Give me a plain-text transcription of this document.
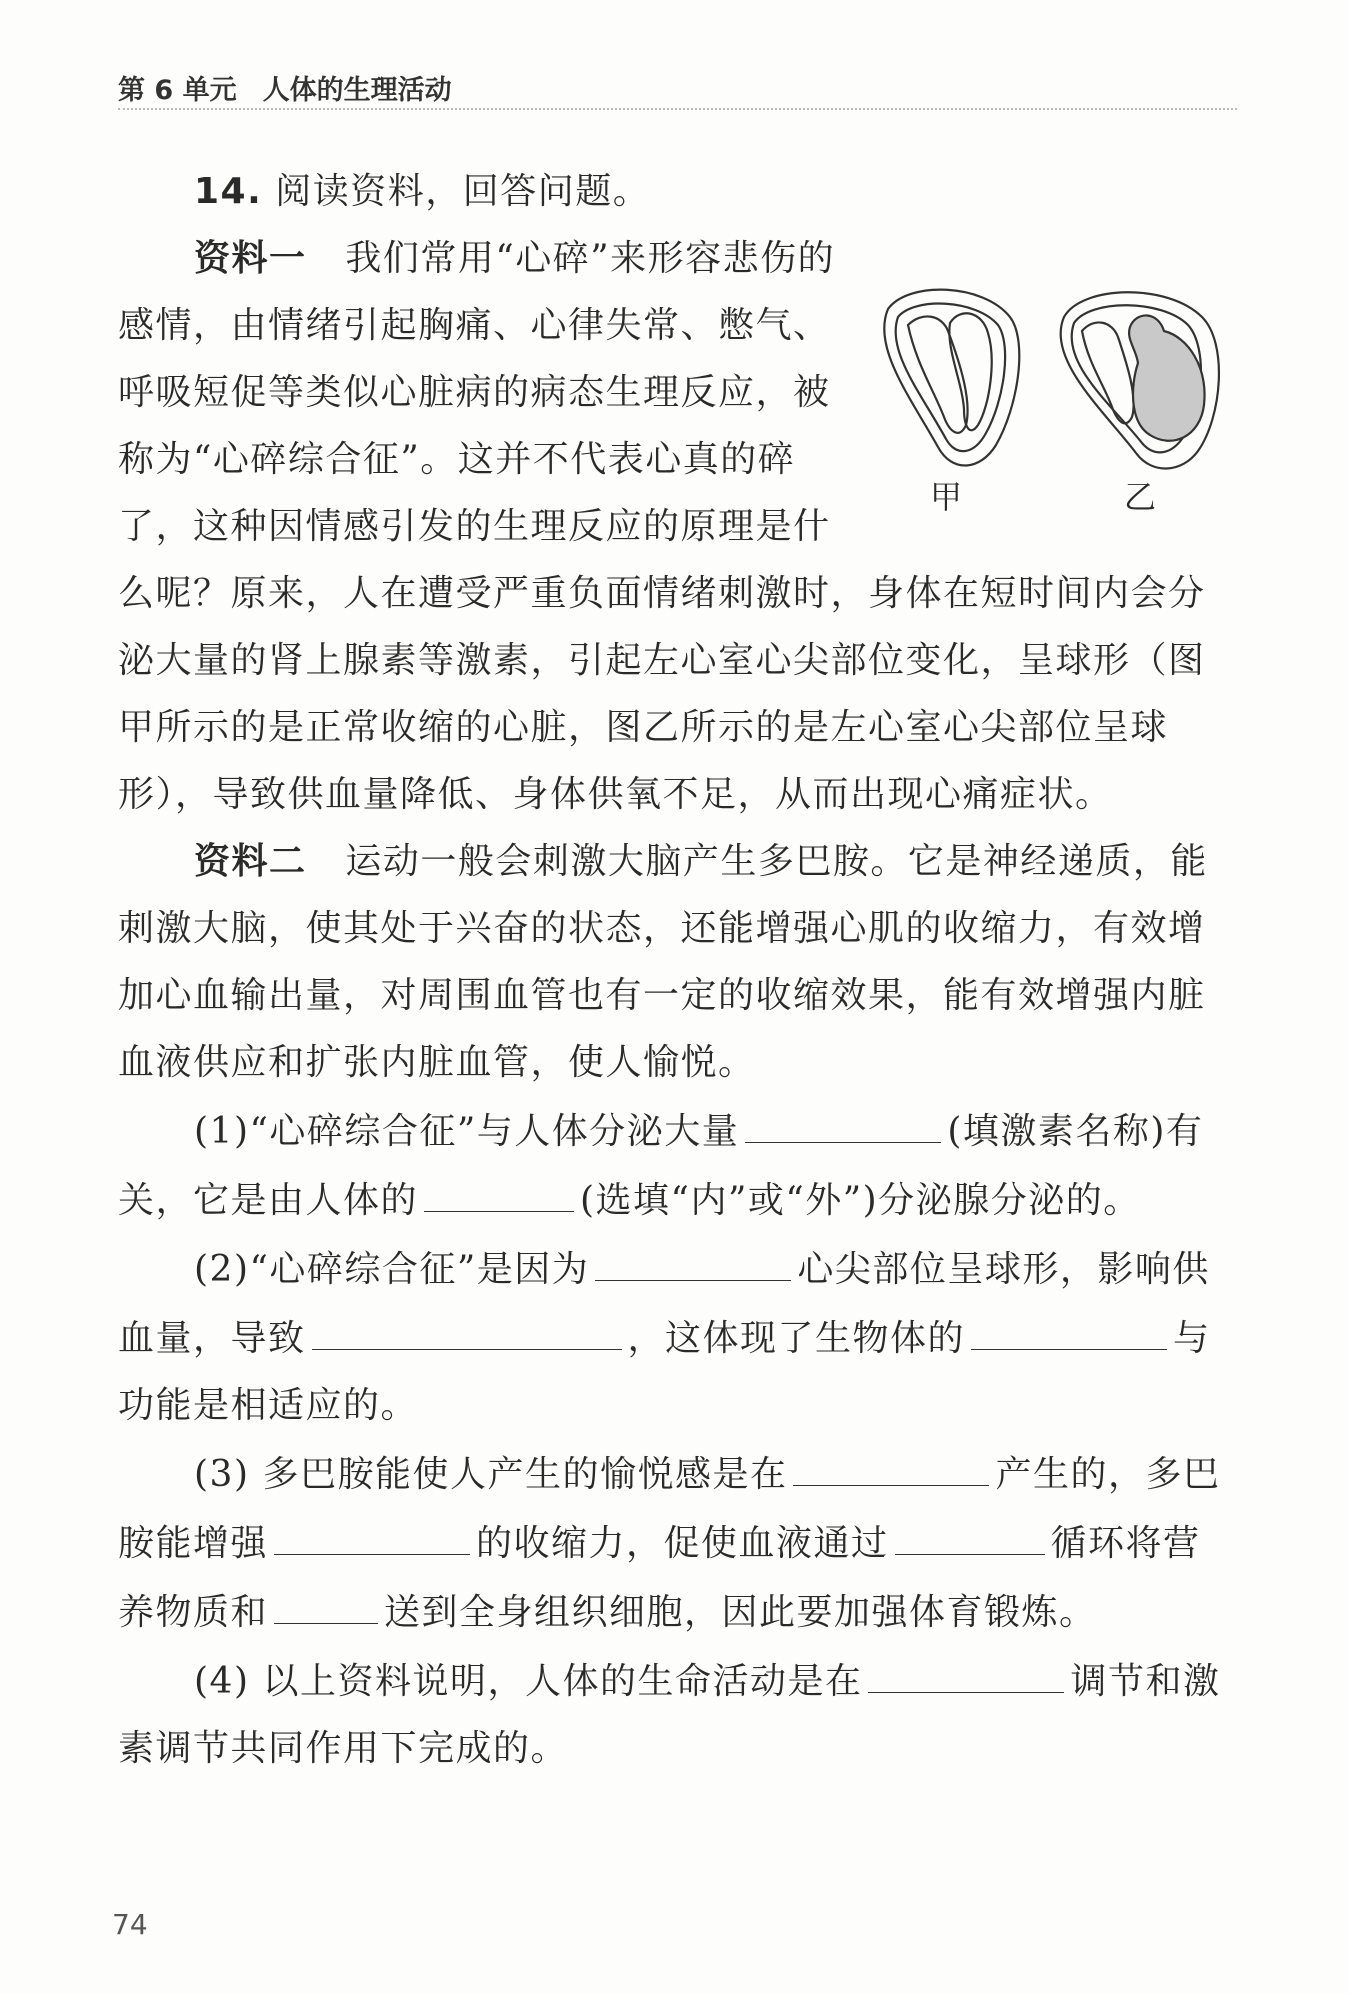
第 6 单元 人体的生理活动

14. 阅读资料，回答问题。

甲	乙

资料一 我们常用“心碎”来形容悲伤的感情，由情绪引起胸痛、心律失常、憋气、呼吸短促等类似心脏病的病态生理反应，被称为“心碎综合征”。这并不代表心真的碎了，这种因情感引发的生理反应的原理是什么呢？原来，人在遭受严重负面情绪刺激时，身体在短时间内会分泌大量的肾上腺素等激素，引起左心室心尖部位变化，呈球形（图甲所示的是正常收缩的心脏，图乙所示的是左心室心尖部位呈球形），导致供血量降低、身体供氧不足，从而出现心痛症状。

资料二 运动一般会刺激大脑产生多巴胺。它是神经递质，能刺激大脑，使其处于兴奋的状态，还能增强心肌的收缩力，有效增加心血输出量，对周围血管也有一定的收缩效果，能有效增强内脏血液供应和扩张内脏血管，使人愉悦。

(1)“心碎综合征”与人体分泌大量	(填激素名称)有关，它是由人体的	(选填“内”或“外”)分泌腺分泌的。

(2)“心碎综合征”是因为	心尖部位呈球形，影响供血量，导致	，这体现了生物体的	与功能是相适应的。

(3) 多巴胺能使人产生的愉悦感是在	产生的，多巴胺能增强	的收缩力，促使血液通过	循环将营养物质和	送到全身组织细胞，因此要加强体育锻炼。

(4) 以上资料说明，人体的生命活动是在	调节和激素调节共同作用下完成的。

74
